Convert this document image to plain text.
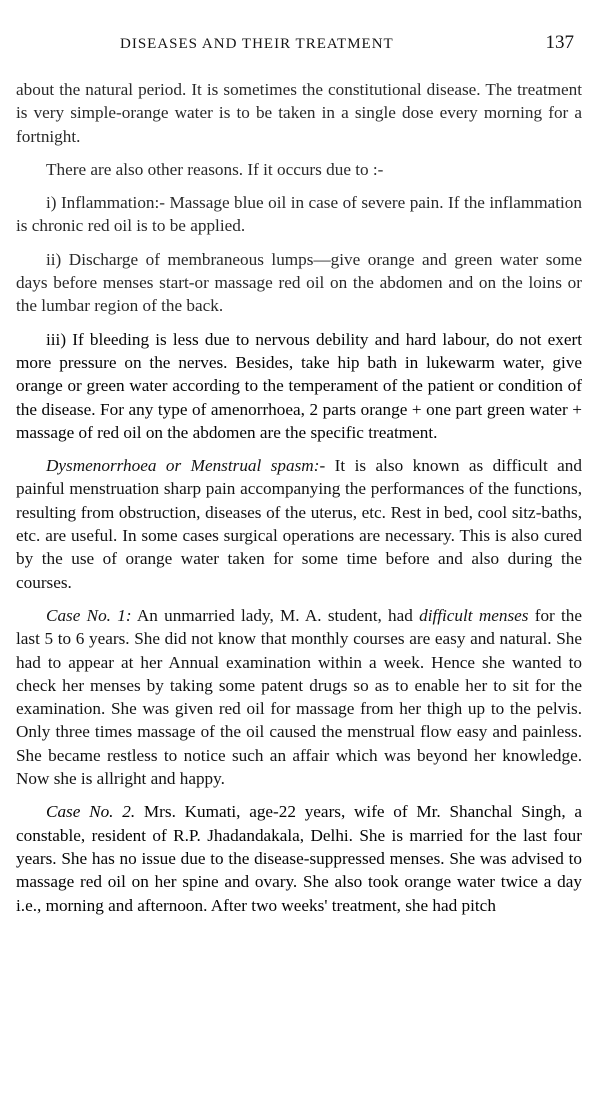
DISEASES AND THEIR TREATMENT	137

about the natural period. It is sometimes the constitutional disease. The treatment is very simple-orange water is to be taken in a single dose every morning for a fortnight.

There are also other reasons. If it occurs due to :-

i) Inflammation:- Massage blue oil in case of severe pain. If the inflammation is chronic red oil is to be applied.

ii) Discharge of membraneous lumps—give orange and green water some days before menses start-or massage red oil on the abdomen and on the loins or the lumbar region of the back.

iii) If bleeding is less due to nervous debility and hard labour, do not exert more pressure on the nerves. Besides, take hip bath in lukewarm water, give orange or green water according to the temperament of the patient or condition of the disease. For any type of amenorrhoea, 2 parts orange + one part green water + massage of red oil on the abdomen are the specific treatment.

Dysmenorrhoea or Menstrual spasm:- It is also known as difficult and painful menstruation sharp pain accompanying the performances of the functions, resulting from obstruction, diseases of the uterus, etc. Rest in bed, cool sitz-baths, etc. are useful. In some cases surgical operations are necessary. This is also cured by the use of orange water taken for some time before and also during the courses.

Case No. 1: An unmarried lady, M. A. student, had difficult menses for the last 5 to 6 years. She did not know that monthly courses are easy and natural. She had to appear at her Annual examination within a week. Hence she wanted to check her menses by taking some patent drugs so as to enable her to sit for the examination. She was given red oil for massage from her thigh up to the pelvis. Only three times massage of the oil caused the menstrual flow easy and painless. She became restless to notice such an affair which was beyond her knowledge. Now she is allright and happy.

Case No. 2. Mrs. Kumati, age-22 years, wife of Mr. Shanchal Singh, a constable, resident of R.P. Jhadandakala, Delhi. She is married for the last four years. She has no issue due to the disease-suppressed menses. She was advised to massage red oil on her spine and ovary. She also took orange water twice a day i.e., morning and afternoon. After two weeks' treatment, she had pitch
